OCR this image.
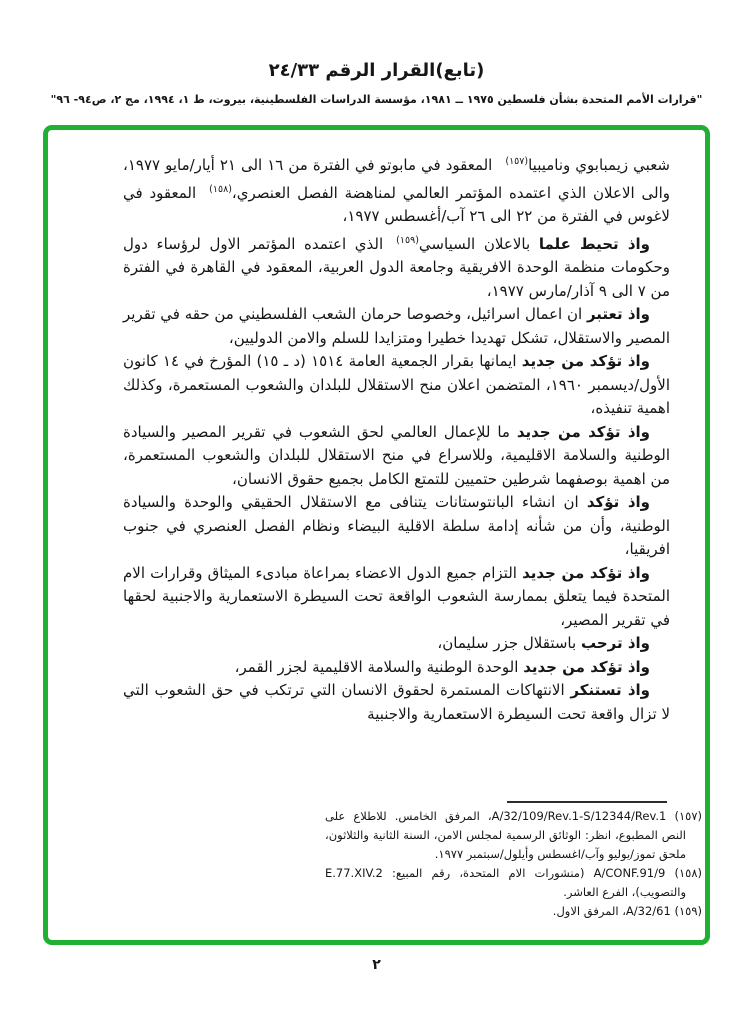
(تابع)القرار الرقم ٢٤/٣٣
"قرارات الأمم المتحدة بشأن فلسطين ١٩٧٥ ــ ١٩٨١، مؤسسة الدراسات الفلسطينية، بيروت، ط ١، ١٩٩٤، مج ٢، ص٩٤- ٩٦"

شعبي زيمبابوي وناميبيا$^{(١٥٧)}$المعقود في مابوتو في الفترة من ١٦ الى ٢١ أيار/مايو ١٩٧٧، والى الاعلان الذي اعتمده المؤتمر العالمي لمناهضة الفصل العنصري،$^{(١٥٨)}$المعقود في لاغوس في الفترة من ٢٢ الى ٢٦ آب/أغسطس ١٩٧٧،

واذ تحيط علما بالاعلان السياسي$^{(١٥٩)}$الذي اعتمده المؤتمر الاول لرؤساء دول وحكومات منظمة الوحدة الافريقية وجامعة الدول العربية، المعقود في القاهرة في الفترة من ٧ الى ٩ آذار/مارس ١٩٧٧،

واذ تعتبر ان اعمال اسرائيل، وخصوصا حرمان الشعب الفلسطيني من حقه في تقرير المصير والاستقلال، تشكل تهديدا خطيرا ومتزايدا للسلم والامن الدوليين،

واذ تؤكد من جديد ايمانها بقرار الجمعية العامة ١٥١٤ (د ـ ١٥) المؤرخ في ١٤ كانون الأول/ديسمبر ١٩٦٠، المتضمن اعلان منح الاستقلال للبلدان والشعوب المستعمرة، وكذلك اهمية تنفيذه،

واذ تؤكد من جديد ما للإعمال العالمي لحق الشعوب في تقرير المصير والسيادة الوطنية والسلامة الاقليمية، وللاسراع في منح الاستقلال للبلدان والشعوب المستعمرة، من اهمية بوصفهما شرطين حتميين للتمتع الكامل بجميع حقوق الانسان،

واذ تؤكد ان انشاء البانتوستانات يتنافى مع الاستقلال الحقيقي والوحدة والسيادة الوطنية، وأن من شأنه إدامة سلطة الاقلية البيضاء ونظام الفصل العنصري في جنوب افريقيا،

واذ تؤكد من جديد التزام جميع الدول الاعضاء بمراعاة مبادىء الميثاق وقرارات الام المتحدة فيما يتعلق بممارسة الشعوب الواقعة تحت السيطرة الاستعمارية والاجنبية لحقها في تقرير المصير،

واذ ترحب باستقلال جزر سليمان،

واذ تؤكد من جديد الوحدة الوطنية والسلامة الاقليمية لجزر القمر،

واذ تستنكر الانتهاكات المستمرة لحقوق الانسان التي ترتكب في حق الشعوب التي لا تزال واقعة تحت السيطرة الاستعمارية والاجنبية

(١٥٧) A/32/109/Rev.1-S/12344/Rev.1، المرفق الخامس. للاطلاع على النص المطبوع، انظر: الوثائق الرسمية لمجلس الامن، السنة الثانية والثلاثون، ملحق تموز/يوليو وآب/اغسطس وأيلول/سبتمبر ١٩٧٧.

(١٥٨) A/CONF.91/9 (منشورات الام المتحدة، رقم المبيع: E.77.XIV.2 والتصويب)، الفرع العاشر.

(١٥٩) A/32/61، المرفق الاول.

٢
